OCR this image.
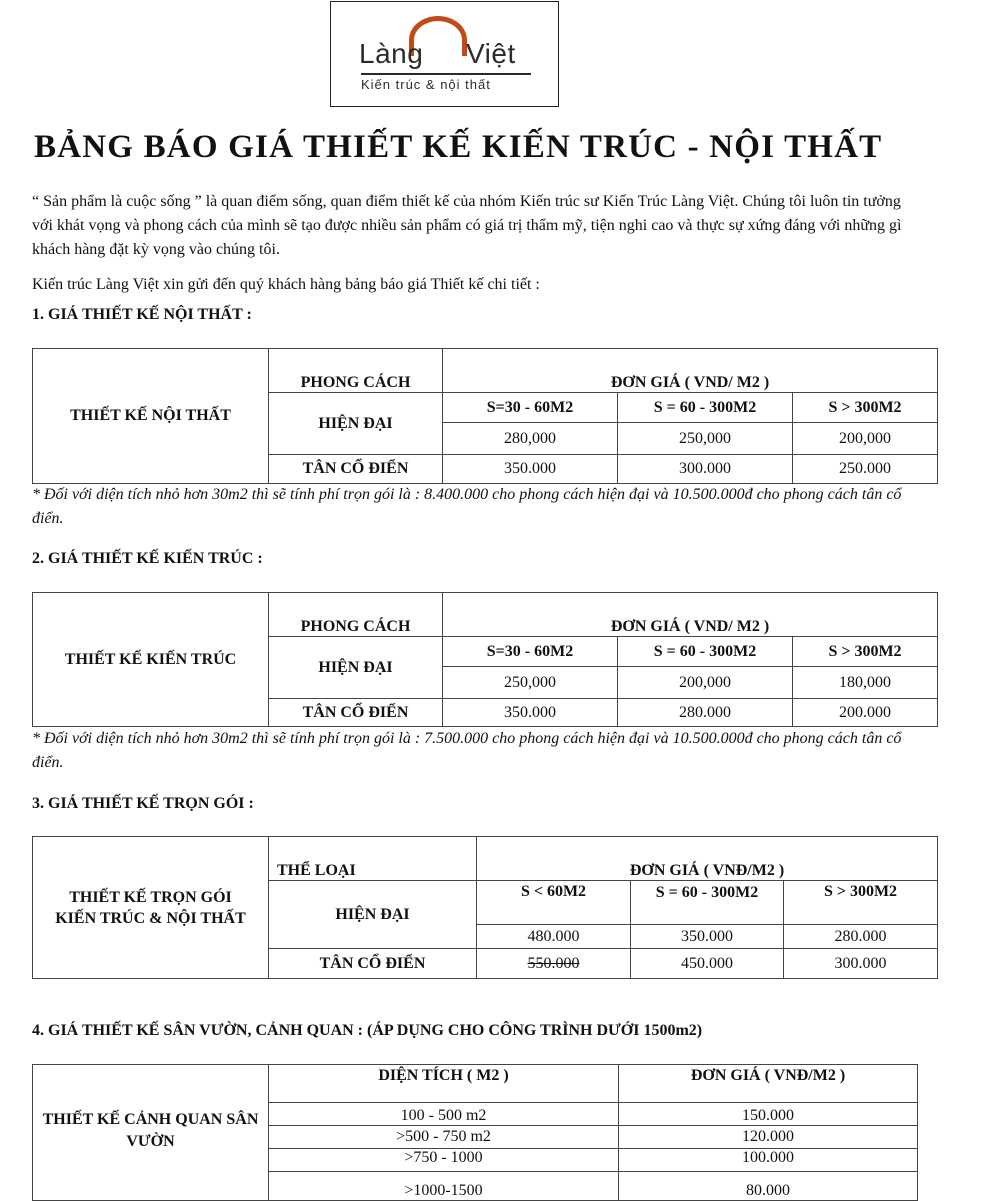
Làng Việt
Kiến trúc & nội thất
BẢNG BÁO GIÁ THIẾT KẾ KIẾN TRÚC - NỘI THẤT
“ Sản phẩm là cuộc sống ” là quan điểm sống, quan điểm thiết kế của nhóm Kiến trúc sư Kiến Trúc Làng Việt. Chúng tôi luôn tin tưởng với khát vọng và phong cách của mình sẽ tạo được nhiều sản phẩm có giá trị thẩm mỹ, tiện nghi cao và thực sự xứng đáng với những gì khách hàng đặt kỳ vọng vào chúng tôi.
Kiến trúc Làng Việt xin gửi đến quý khách hàng bảng báo giá Thiết kế chi tiết :
1. GIÁ THIẾT KẾ NỘI THẤT :
THIẾT KẾ NỘI THẤT	PHONG CÁCH	ĐƠN GIÁ ( VND/ M2 )		
	HIỆN ĐẠI	S=30 - 60M2	S = 60 - 300M2	S > 300M2
		280,000	250,000	200,000
	TÂN CỔ ĐIỂN	350.000	300.000	250.000
* Đối với diện tích nhỏ hơn 30m2 thì sẽ tính phí trọn gói là : 8.400.000 cho phong cách hiện đại và 10.500.000đ cho phong cách tân cổ điển.
2. GIÁ THIẾT KẾ KIẾN TRÚC :
THIẾT KẾ KIẾN TRÚC	PHONG CÁCH	ĐƠN GIÁ ( VND/ M2 )		
	HIỆN ĐẠI	S=30 - 60M2	S = 60 - 300M2	S > 300M2
		250,000	200,000	180,000
	TÂN CỔ ĐIỂN	350.000	280.000	200.000
* Đối với diện tích nhỏ hơn 30m2 thì sẽ tính phí trọn gói là : 7.500.000 cho phong cách hiện đại và 10.500.000đ cho phong cách tân cổ điển.
3. GIÁ THIẾT KẾ TRỌN GÓI :
THIẾT KẾ TRỌN GÓI KIẾN TRÚC & NỘI THẤT	THỂ LOẠI	ĐƠN GIÁ ( VNĐ/M2 )		
	HIỆN ĐẠI	S < 60M2	S = 60 - 300M2	S > 300M2
		480.000	350.000	280.000
	TÂN CỔ ĐIỂN	550.000	450.000	300.000
4. GIÁ THIẾT KẾ SÂN VƯỜN, CẢNH QUAN : (ÁP DỤNG CHO CÔNG TRÌNH DƯỚI 1500m2)
THIẾT KẾ CẢNH QUAN SÂN VƯỜN	DIỆN TÍCH ( M2 )	ĐƠN GIÁ ( VNĐ/M2 )
	100 - 500 m2	150.000
	>500 - 750 m2	120.000
	>750 - 1000	100.000
	>1000-1500	80.000
